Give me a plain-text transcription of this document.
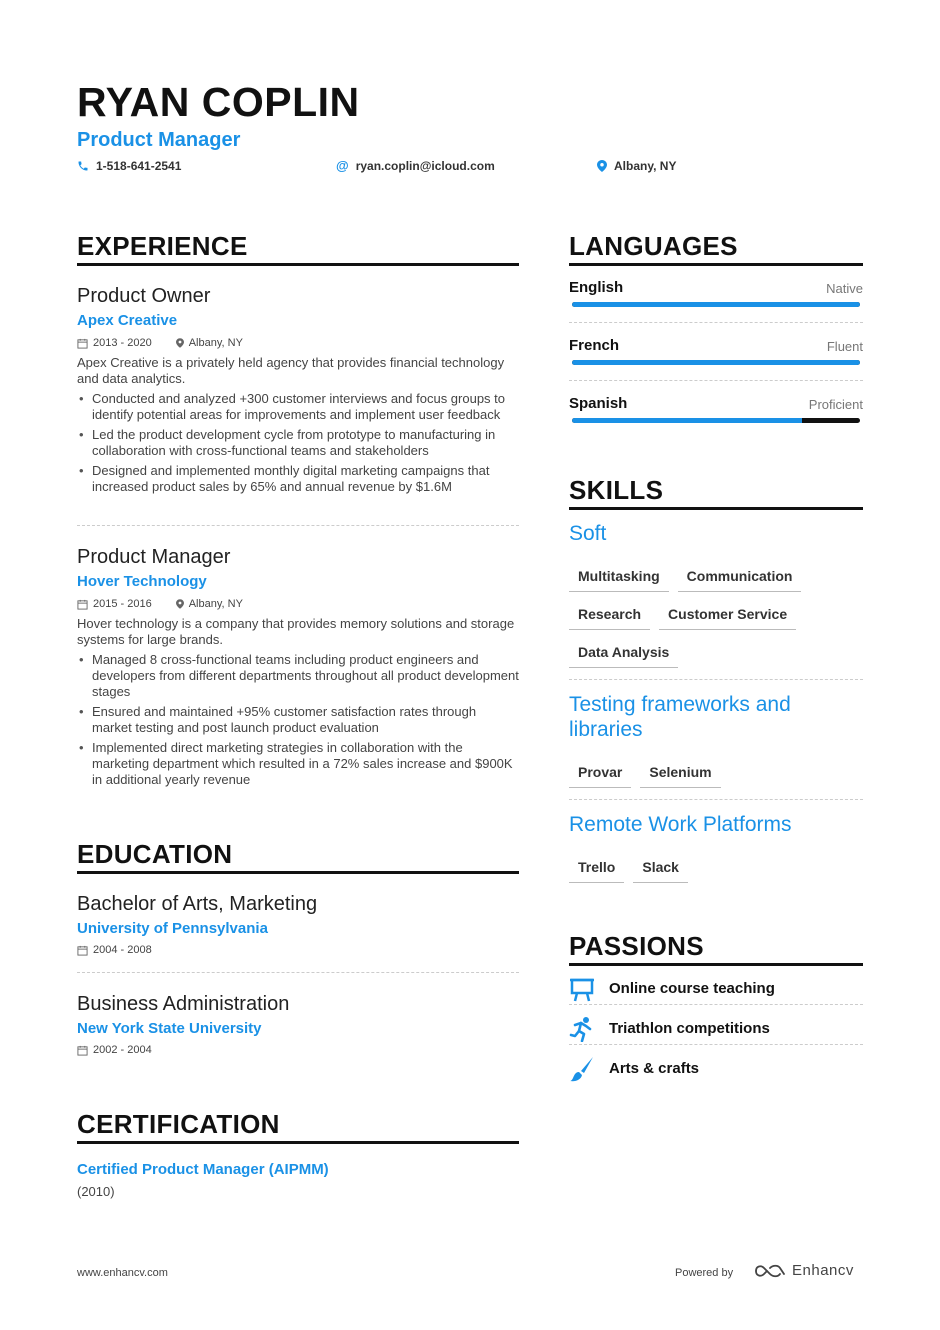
RYAN COPLIN
Product Manager
1-518-641-2541	@ ryan.coplin@icloud.com	Albany, NY
EXPERIENCE
Product Owner
Apex Creative
2013 - 2020	Albany, NY
Apex Creative is a privately held agency that provides financial technology and data analytics.
• Conducted and analyzed +300 customer interviews and focus groups to identify potential areas for improvements and implement user feedback
• Led the product development cycle from prototype to manufacturing in collaboration with cross-functional teams and stakeholders
• Designed and implemented monthly digital marketing campaigns that increased product sales by 65% and annual revenue by $1.6M
Product Manager
Hover Technology
2015 - 2016	Albany, NY
Hover technology is a company that provides memory solutions and storage systems for large brands.
• Managed 8 cross-functional teams including product engineers and developers from different departments throughout all product development stages
• Ensured and maintained +95% customer satisfaction rates through market testing and post launch product evaluation
• Implemented direct marketing strategies in collaboration with the marketing department which resulted in a 72% sales increase and $900K in additional yearly revenue
EDUCATION
Bachelor of Arts, Marketing
University of Pennsylvania
2004 - 2008
Business Administration
New York State University
2002 - 2004
CERTIFICATION
Certified Product Manager (AIPMM)
(2010)
LANGUAGES
English	Native
French	Fluent
Spanish	Proficient
SKILLS
Soft
Multitasking	Communication
Research	Customer Service
Data Analysis
Testing frameworks and
libraries
Provar	Selenium
Remote Work Platforms
Trello	Slack
PASSIONS
Online course teaching
Triathlon competitions
Arts & crafts
www.enhancv.com	Powered by	Enhancv
